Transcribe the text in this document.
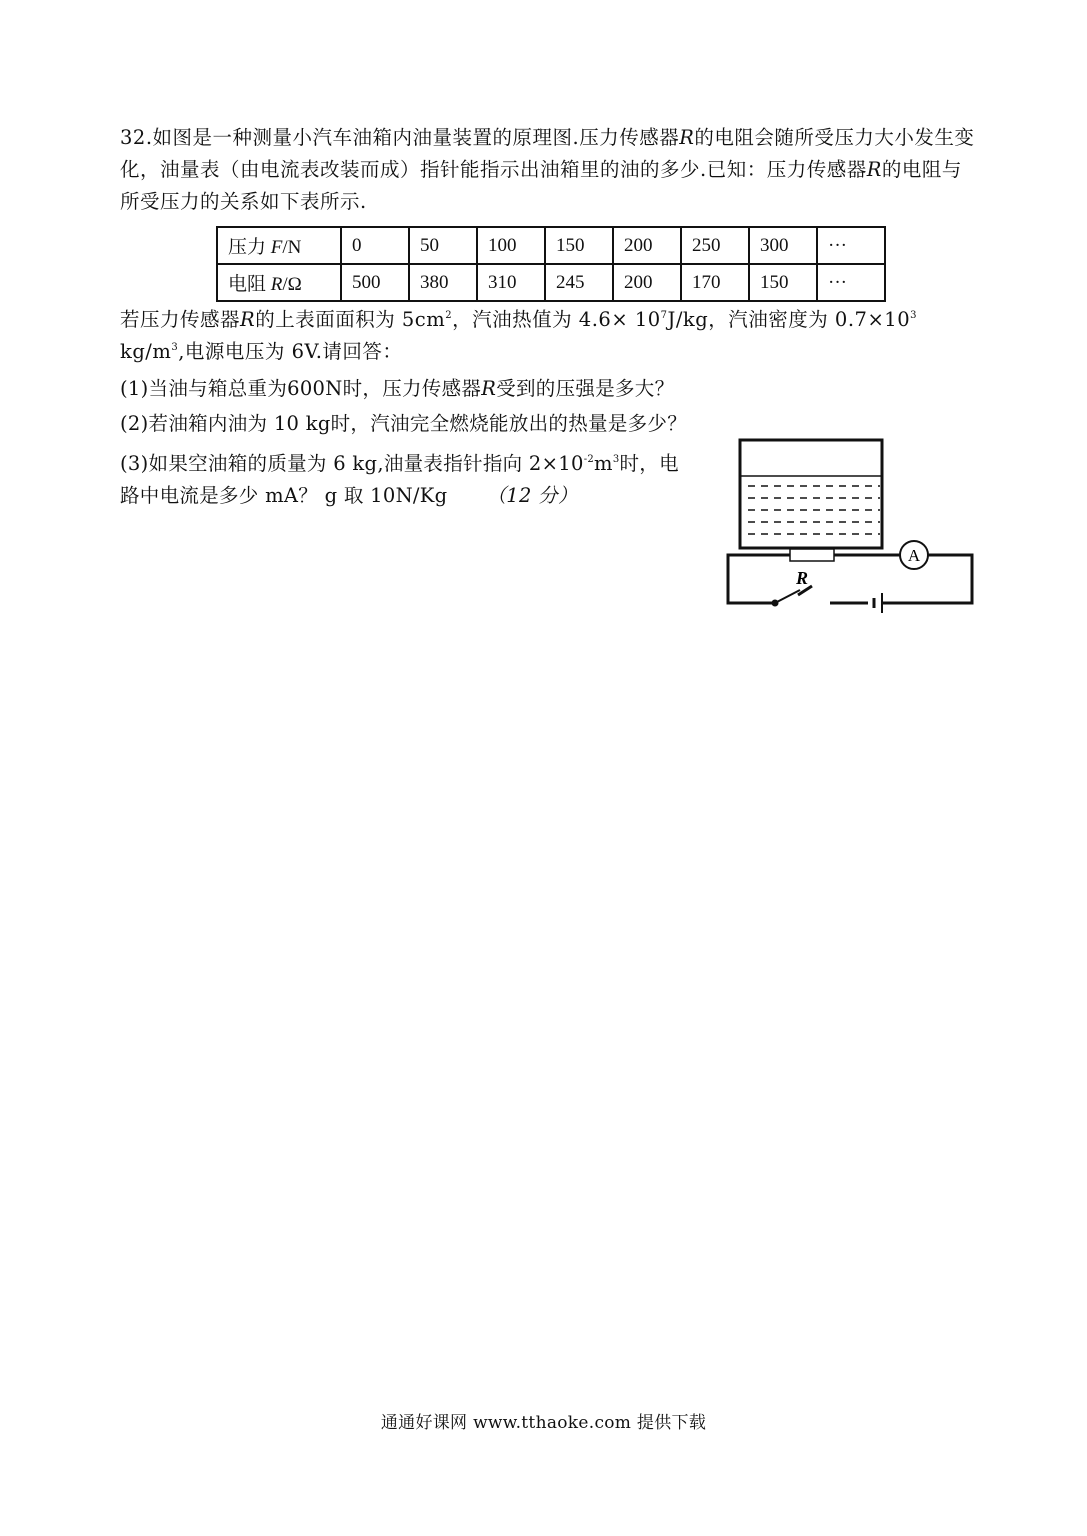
32.如图是一种测量小汽车油箱内油量装置的原理图.压力传感器R的电阻会随所受压力大小发生变化，油量表（由电流表改装而成）指针能指示出油箱里的油的多少.已知：压力传感器R的电阻与所受压力的关系如下表所示.
压力 F/N	0	50	100	150	200	250	300	···
电阻 R/Ω	500	380	310	245	200	170	150	···
若压力传感器R的上表面面积为 $5cm^2$，汽油热值为 $4.6\times 10^7J/kg$，汽油密度为 $0.7\times 10^3$
$kg/m^3$,电源电压为 6V.请回答：
(1)当油与箱总重为600N时，压力传感器R受到的压强是多大？
(2)若油箱内油为 10 kg时，汽油完全燃烧能放出的热量是多少？
(3)如果空油箱的质量为 6 kg,油量表指针指向 $2\times 10^{-2}m^3$时，电
路中电流是多少 mA？ g 取 10N/Kg （12 分）
A
R
通通好课网 www.tthaoke.com 提供下载
